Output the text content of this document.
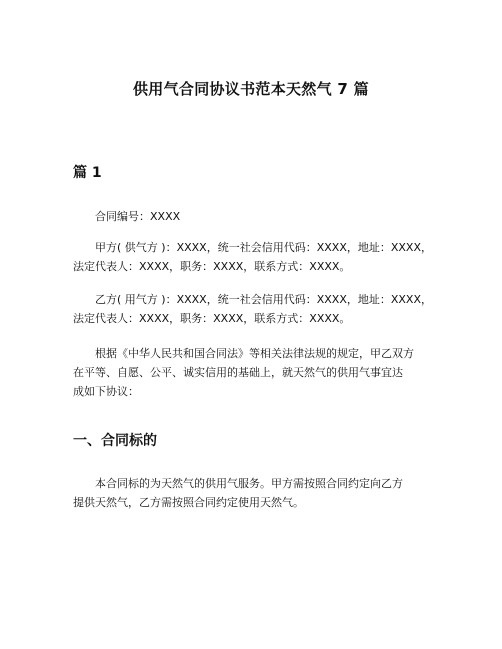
供用气合同协议书范本天然气 7 篇
篇 1

合同编号：XXXX

甲方( 供气方 )：XXXX，统一社会信用代码：XXXX，地址：XXXX，
法定代表人：XXXX，职务：XXXX，联系方式：XXXX。

乙方( 用气方 )：XXXX，统一社会信用代码：XXXX，地址：XXXX，
法定代表人：XXXX，职务：XXXX，联系方式：XXXX。

根据《中华人民共和国合同法》等相关法律法规的规定，甲乙双方
在平等、自愿、公平、诚实信用的基础上，就天然气的供用气事宜达
成如下协议：

一、合同标的

本合同标的为天然气的供用气服务。甲方需按照合同约定向乙方
提供天然气，乙方需按照合同约定使用天然气。
